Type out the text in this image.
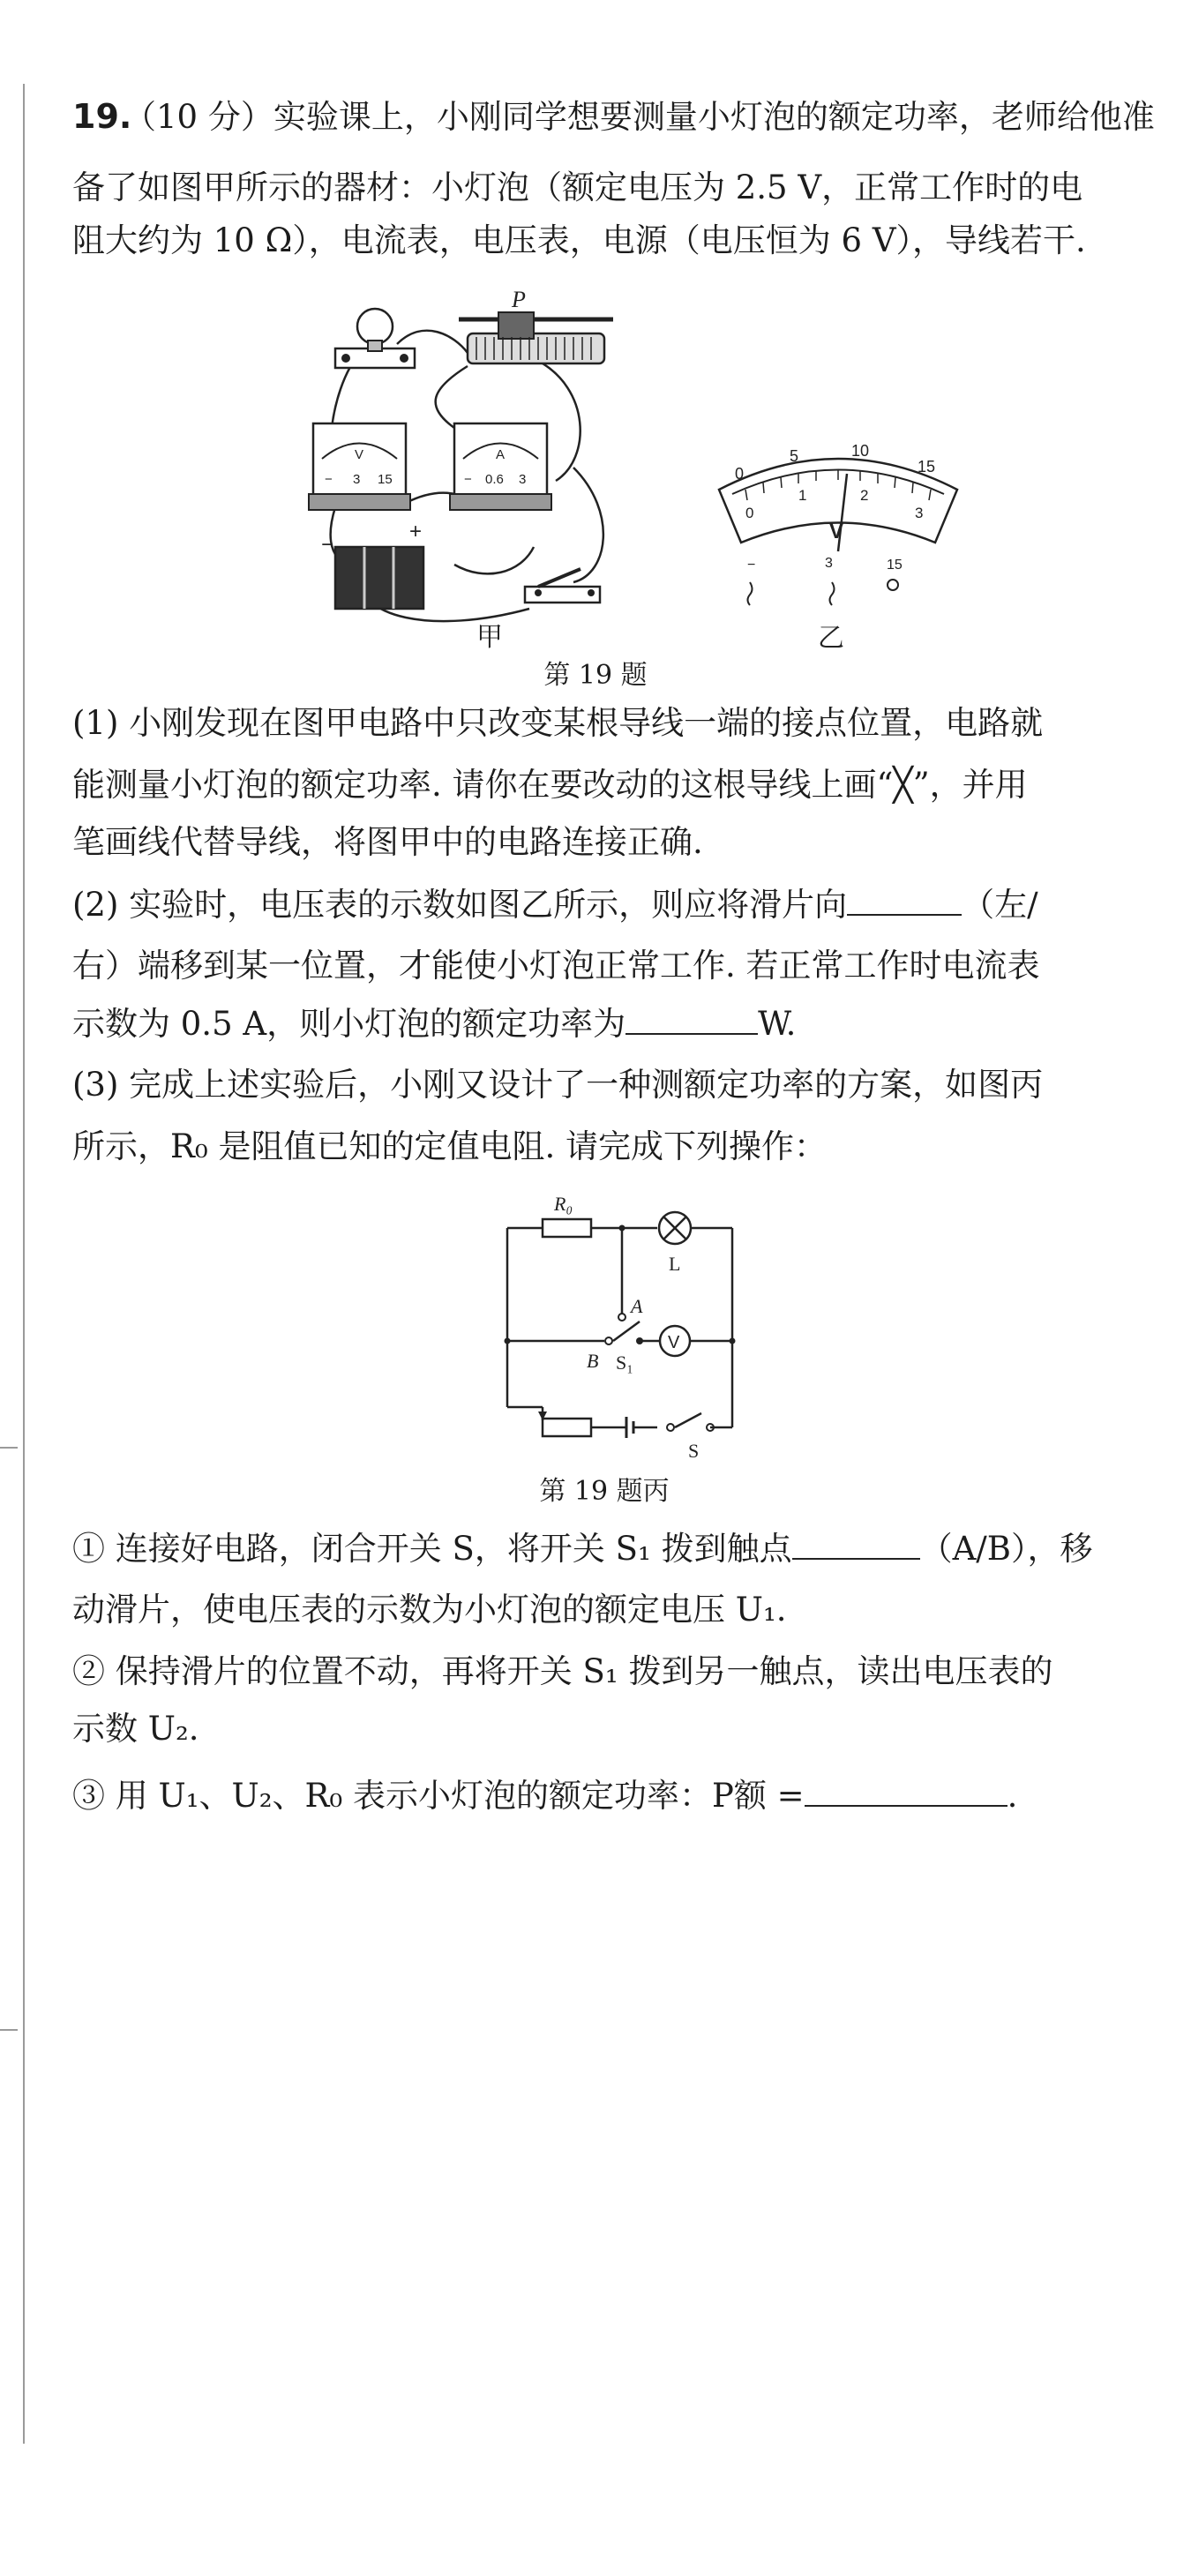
19.
（10 分）实验课上，小刚同学想要测量小灯泡的额定功率，老师给他准
备了如图甲所示的器材：小灯泡（额定电压为 2.5 V，正常工作时的电
阻大约为 10 Ω），电流表，电压表，电源（电压恒为 6 V），导线若干.
P
V
− 3 15
A
− 0.6 3
−
+
甲
0
5	10
15
0
1	2
3
V
−	3	15
乙
第 19 题
(1) 小刚发现在图甲电路中只改变某根导线一端的接点位置，电路就
能测量小灯泡的额定功率. 请你在要改动的这根导线上画“╳”，并用
笔画线代替导线，将图甲中的电路连接正确.
(2) 实验时，电压表的示数如图乙所示，则应将滑片向	（左/
右）端移到某一位置，才能使小灯泡正常工作. 若正常工作时电流表
示数为 0.5 A，则小灯泡的额定功率为	W.
(3) 完成上述实验后，小刚又设计了一种测额定功率的方案，如图丙
所示，R₀ 是阻值已知的定值电阻. 请完成下列操作：
R₀
L
A
B S₁
V
S
第 19 题丙
① 连接好电路，闭合开关 S，将开关 S₁ 拨到触点	（A/B），移
动滑片，使电压表的示数为小灯泡的额定电压 U₁.
② 保持滑片的位置不动，再将开关 S₁ 拨到另一触点，读出电压表的
示数 U₂.
③ 用 U₁、U₂、R₀ 表示小灯泡的额定功率：P额 =	.
